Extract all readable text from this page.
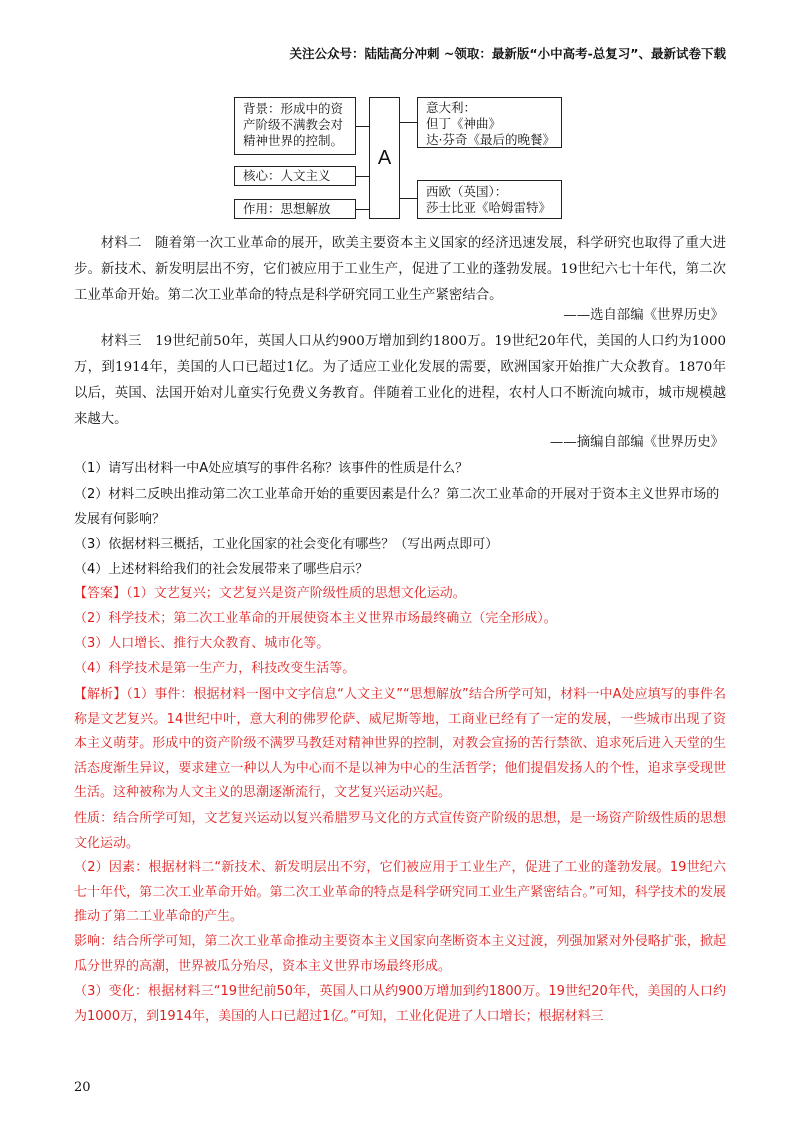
关注公众号：陆陆高分冲刺 ~领取：最新版“小中高考-总复习”、最新试卷下载
背景：形成中的资
产阶级不满教会对
精神世界的控制。
核心：人文主义
作用：思想解放
A
意大利：
但丁《神曲》
达·芬奇《最后的晚餐》
西欧（英国）：
莎士比亚《哈姆雷特》

材料二　随着第一次工业革命的展开，欧美主要资本主义国家的经济迅速发展，科学研究也取得了重大进步。新技术、新发明层出不穷，它们被应用于工业生产，促进了工业的蓬勃发展。19世纪六七十年代，第二次工业革命开始。第二次工业革命的特点是科学研究同工业生产紧密结合。

——选自部编《世界历史》

材料三　19世纪前50年，英国人口从约900万增加到约1800万。19世纪20年代，美国的人口约为1000万，到1914年，美国的人口已超过1亿。为了适应工业化发展的需要，欧洲国家开始推广大众教育。1870年以后，英国、法国开始对儿童实行免费义务教育。伴随着工业化的进程，农村人口不断流向城市，城市规模越来越大。

——摘编自部编《世界历史》

（1）请写出材料一中A处应填写的事件名称？该事件的性质是什么？

（2）材料二反映出推动第二次工业革命开始的重要因素是什么？第二次工业革命的开展对于资本主义世界市场的发展有何影响？

（3）依据材料三概括，工业化国家的社会变化有哪些？（写出两点即可）

（4）上述材料给我们的社会发展带来了哪些启示？

【答案】（1）文艺复兴；文艺复兴是资产阶级性质的思想文化运动。

（2）科学技术；第二次工业革命的开展使资本主义世界市场最终确立（完全形成）。

（3）人口增长、推行大众教育、城市化等。

（4）科学技术是第一生产力，科技改变生活等。

【解析】（1）事件：根据材料一图中文字信息“人文主义”“思想解放”结合所学可知，材料一中A处应填写的事件名称是文艺复兴。14世纪中叶，意大利的佛罗伦萨、威尼斯等地，工商业已经有了一定的发展，一些城市出现了资本主义萌芽。形成中的资产阶级不满罗马教廷对精神世界的控制，对教会宣扬的苦行禁欲、追求死后进入天堂的生活态度渐生异议，要求建立一种以人为中心而不是以神为中心的生活哲学；他们提倡发扬人的个性，追求享受现世生活。这种被称为人文主义的思潮逐渐流行，文艺复兴运动兴起。

性质：结合所学可知，文艺复兴运动以复兴希腊罗马文化的方式宣传资产阶级的思想，是一场资产阶级性质的思想文化运动。

（2）因素：根据材料二“新技术、新发明层出不穷，它们被应用于工业生产，促进了工业的蓬勃发展。19世纪六七十年代，第二次工业革命开始。第二次工业革命的特点是科学研究同工业生产紧密结合。”可知，科学技术的发展推动了第二工业革命的产生。

影响：结合所学可知，第二次工业革命推动主要资本主义国家向垄断资本主义过渡，列强加紧对外侵略扩张，掀起瓜分世界的高潮，世界被瓜分殆尽，资本主义世界市场最终形成。

（3）变化：根据材料三“19世纪前50年，英国人口从约900万增加到约1800万。19世纪20年代，美国的人口约为1000万，到1914年，美国的人口已超过1亿。”可知，工业化促进了人口增长；根据材料三

20
